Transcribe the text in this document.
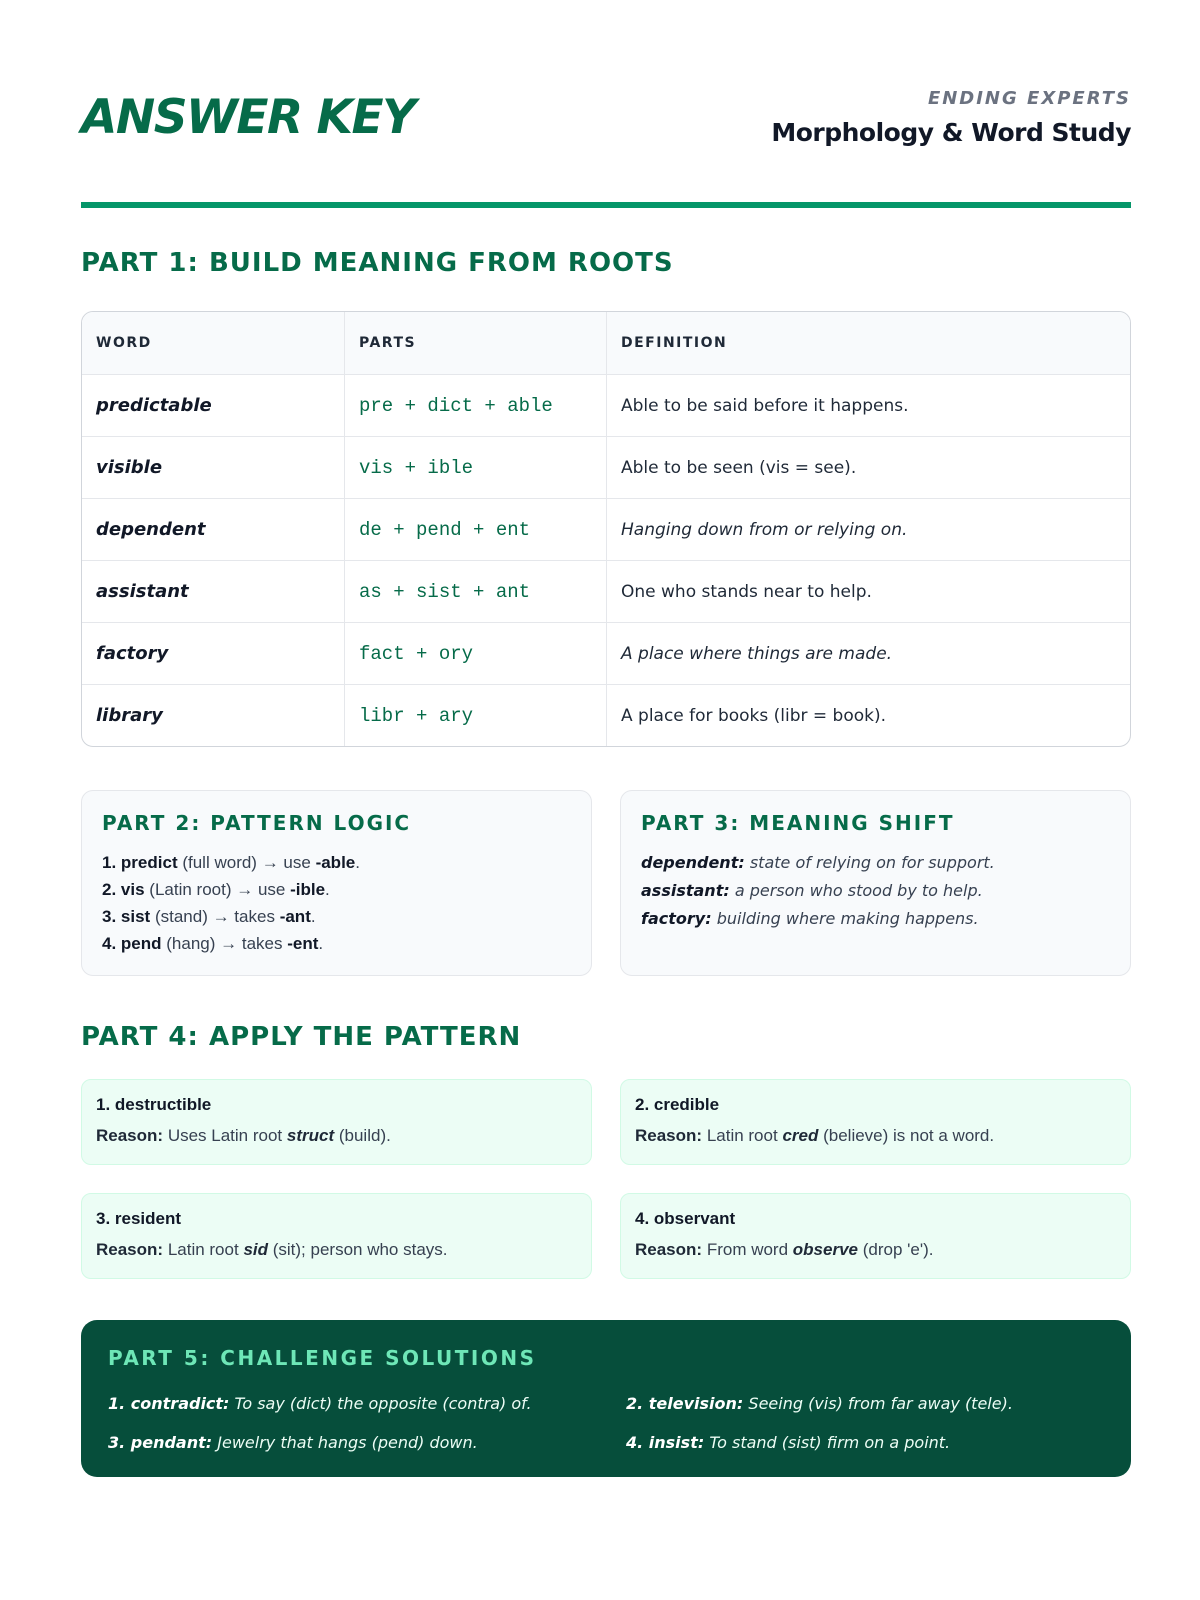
ANSWER KEY	ENDING EXPERTS
Morphology & Word Study
PART 1: BUILD MEANING FROM ROOTS
WORD	PARTS	DEFINITION
predictable	pre + dict + able	Able to be said before it happens.
visible	vis + ible	Able to be seen (vis = see).
dependent	de + pend + ent	Hanging down from or relying on.
assistant	as + sist + ant	One who stands near to help.
factory	fact + ory	A place where things are made.
library	libr + ary	A place for books (libr = book).
PART 2: PATTERN LOGIC
1. predict (full word) → use -able.
2. vis (Latin root) → use -ible.
3. sist (stand) → takes -ant.
4. pend (hang) → takes -ent.
PART 3: MEANING SHIFT
dependent: state of relying on for support.
assistant: a person who stood by to help.
factory: building where making happens.
PART 4: APPLY THE PATTERN
1. destructible
Reason: Uses Latin root struct (build).
2. credible
Reason: Latin root cred (believe) is not a word.
3. resident
Reason: Latin root sid (sit); person who stays.
4. observant
Reason: From word observe (drop 'e').
PART 5: CHALLENGE SOLUTIONS
1. contradict: To say (dict) the opposite (contra) of.	2. television: Seeing (vis) from far away (tele).
3. pendant: Jewelry that hangs (pend) down.	4. insist: To stand (sist) firm on a point.
